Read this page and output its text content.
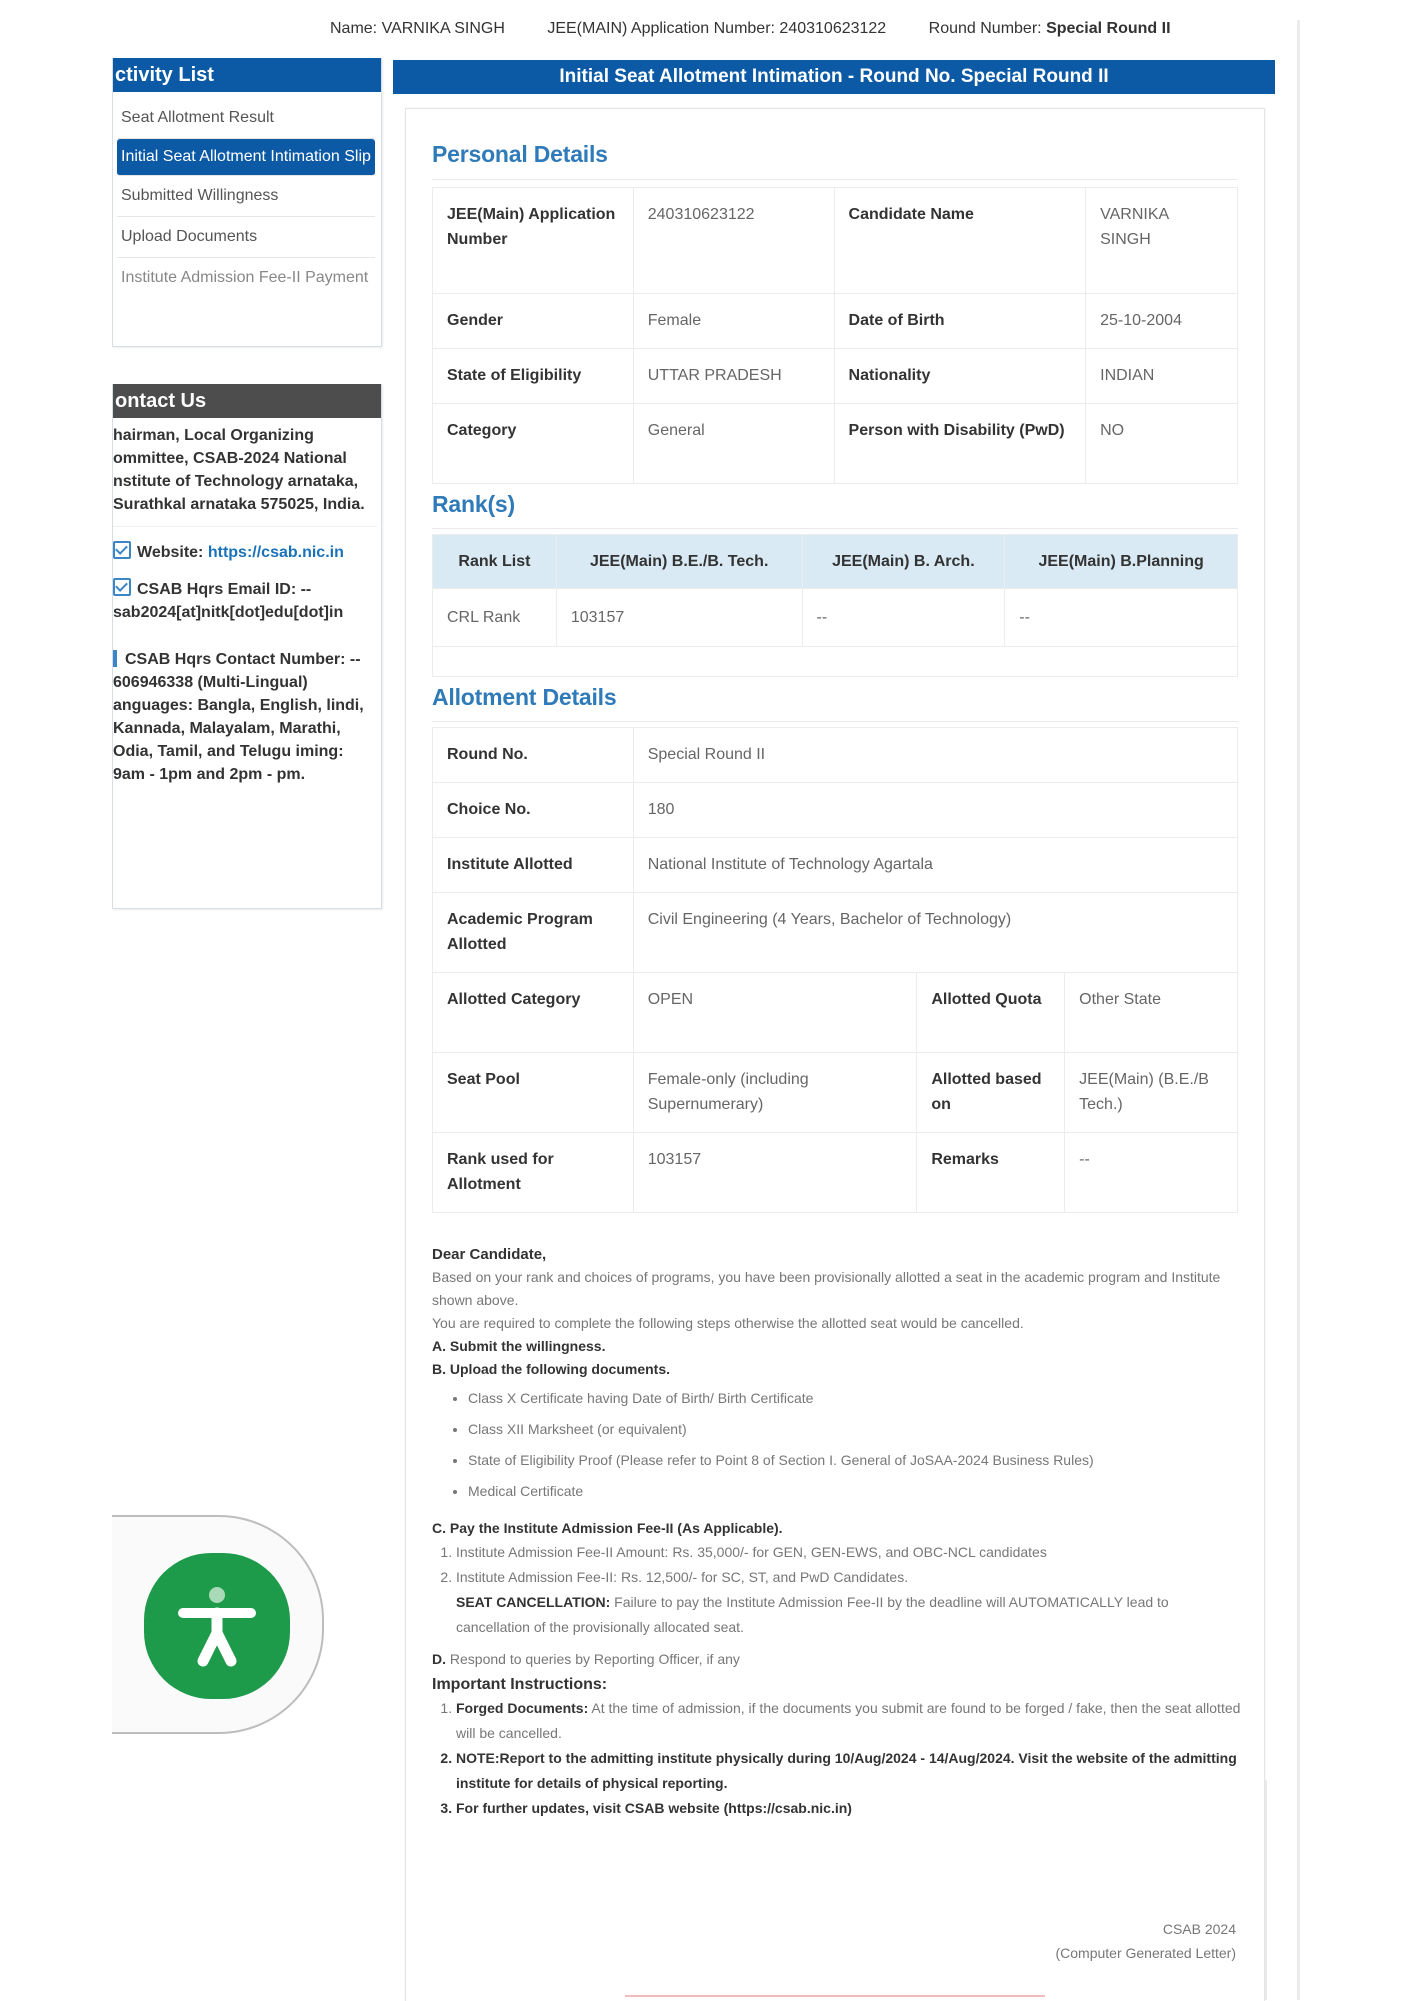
Name: VARNIKA SINGH	JEE(MAIN) Application Number: 240310623122	Round Number: Special Round II
ctivity List
Seat Allotment Result
Initial Seat Allotment Intimation Slip
Submitted Willingness
Upload Documents
Institute Admission Fee-II Payment
ontact Us
hairman, Local Organizing ommittee, CSAB-2024 National nstitute of Technology arnataka, Surathkal arnataka 575025, India.
Website: https://csab.nic.in
CSAB Hqrs Email ID: --
sab2024[at]nitk[dot]edu[dot]in
CSAB Hqrs Contact Number: --
606946338 (Multi-Lingual) anguages: Bangla, English, lindi, Kannada, Malayalam, Marathi, Odia, Tamil, and Telugu iming: 9am - 1pm and 2pm - pm.
Initial Seat Allotment Intimation - Round No. Special Round II
Personal Details
JEE(Main) Application Number	240310623122	Candidate Name	VARNIKA SINGH
Gender	Female	Date of Birth	25-10-2004
State of Eligibility	UTTAR PRADESH	Nationality	INDIAN
Category	General	Person with Disability (PwD)	NO
Rank(s)
Rank List	JEE(Main) B.E./B. Tech.	JEE(Main) B. Arch.	JEE(Main) B.Planning
CRL Rank	103157	--	--

Allotment Details
Round No.	Special Round II		
Choice No.	180		
Institute Allotted	National Institute of Technology Agartala		
Academic Program Allotted	Civil Engineering (4 Years, Bachelor of Technology)		
Allotted Category	OPEN	Allotted Quota	Other State
Seat Pool	Female-only (including Supernumerary)	Allotted based on	JEE(Main) (B.E./B Tech.)
Rank used for Allotment	103157	Remarks	--

Dear Candidate,

Based on your rank and choices of programs, you have been provisionally allotted a seat in the academic program and Institute shown above.

You are required to complete the following steps otherwise the allotted seat would be cancelled.

A. Submit the willingness.

B. Upload the following documents.

• Class X Certificate having Date of Birth/ Birth Certificate
• Class XII Marksheet (or equivalent)
• State of Eligibility Proof (Please refer to Point 8 of Section I. General of JoSAA-2024 Business Rules)
• Medical Certificate

C. Pay the Institute Admission Fee-II (As Applicable).

1. Institute Admission Fee-II Amount: Rs. 35,000/- for GEN, GEN-EWS, and OBC-NCL candidates
2. Institute Admission Fee-II: Rs. 12,500/- for SC, ST, and PwD Candidates.

SEAT CANCELLATION: Failure to pay the Institute Admission Fee-II by the deadline will AUTOMATICALLY lead to cancellation of the provisionally allocated seat.

D. Respond to queries by Reporting Officer, if any

Important Instructions:

1. Forged Documents: At the time of admission, if the documents you submit are found to be forged / fake, then the seat allotted will be cancelled.
2. NOTE:Report to the admitting institute physically during 10/Aug/2024 - 14/Aug/2024. Visit the website of the admitting institute for details of physical reporting.
3. For further updates, visit CSAB website (https://csab.nic.in)
CSAB 2024
(Computer Generated Letter)
